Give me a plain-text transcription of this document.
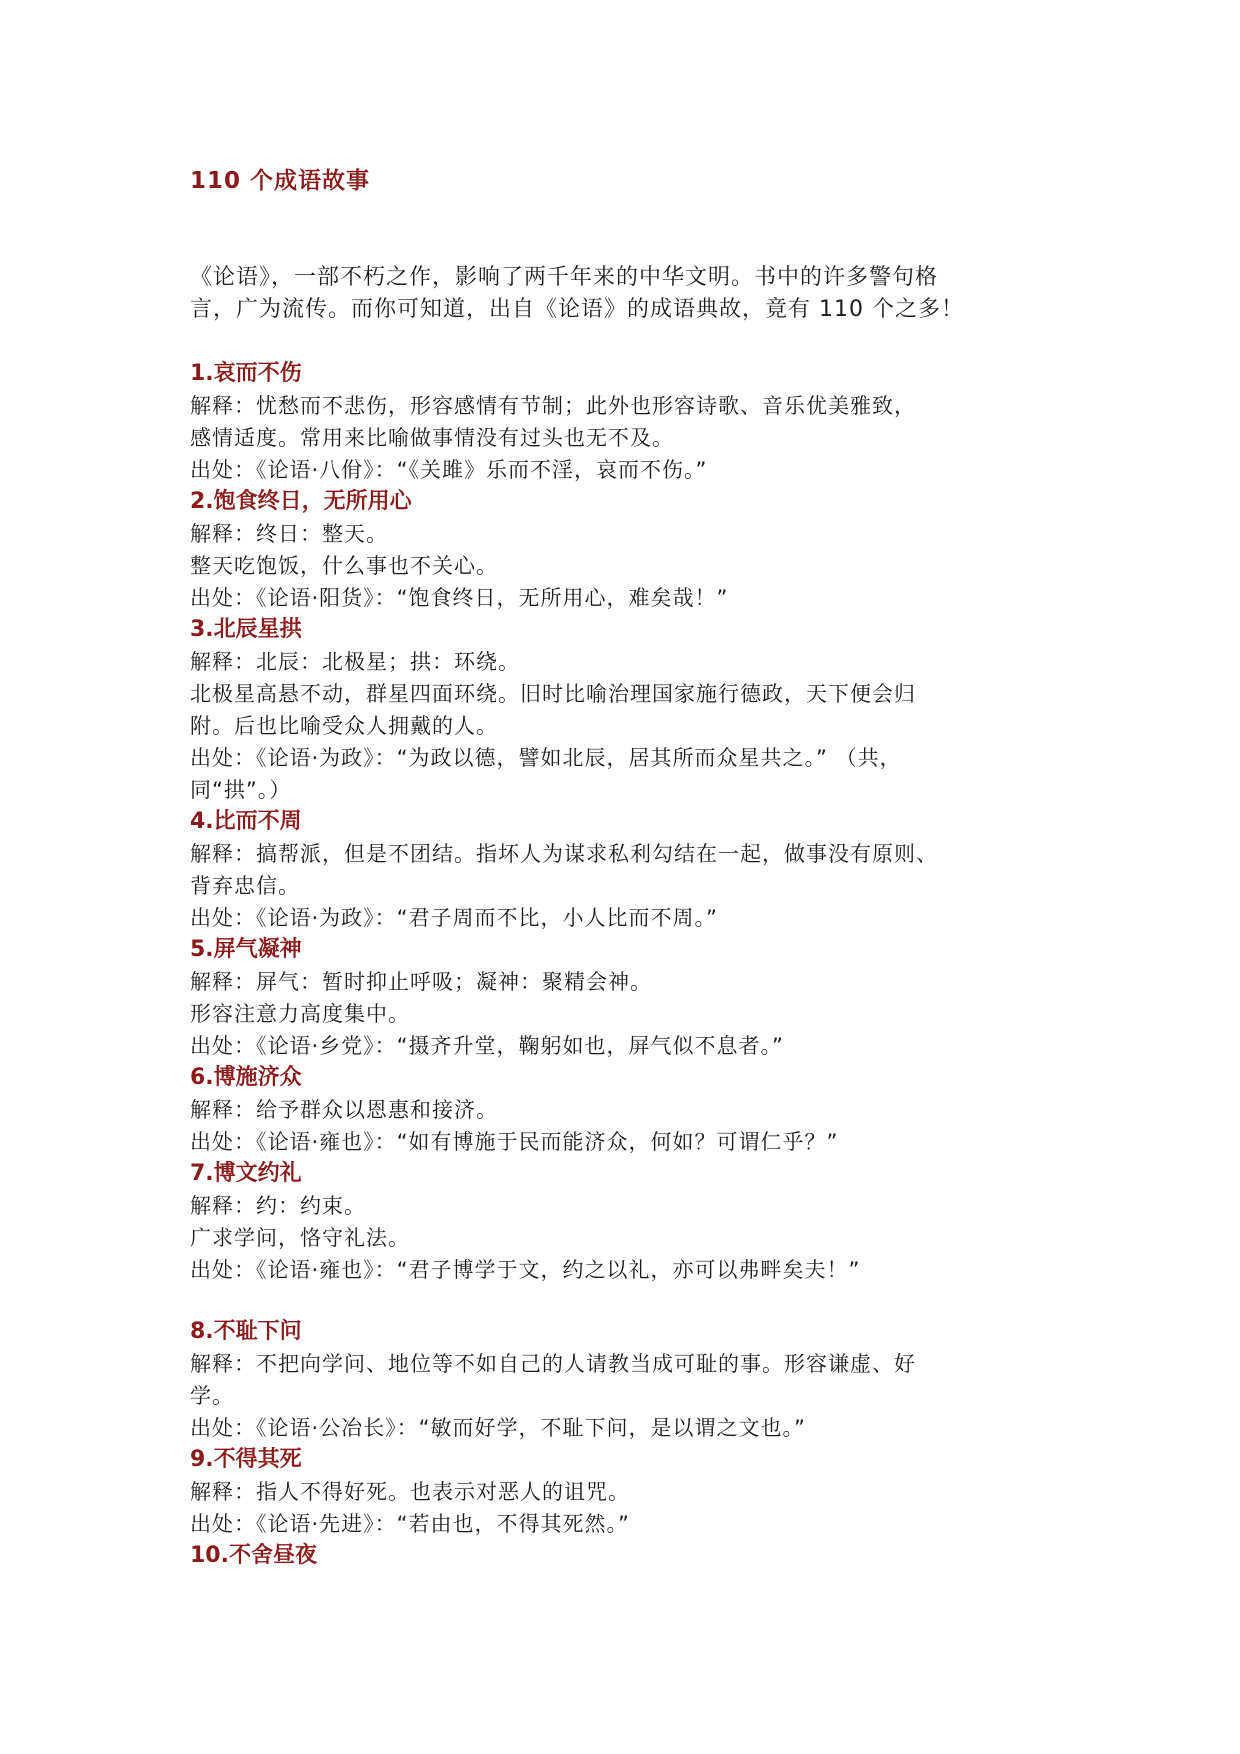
110 个成语故事

《论语》，一部不朽之作，影响了两千年来的中华文明。书中的许多警句格

言，广为流传。而你可知道，出自《论语》的成语典故，竟有 110 个之多！

1.哀而不伤
解释：忧愁而不悲伤，形容感情有节制；此外也形容诗歌、音乐优美雅致，
感情适度。常用来比喻做事情没有过头也无不及。
出处：《论语·八佾》：“《关雎》乐而不淫，哀而不伤。”
2.饱食终日，无所用心
解释：终日：整天。
整天吃饱饭，什么事也不关心。
出处：《论语·阳货》：“饱食终日，无所用心，难矣哉！”
3.北辰星拱
解释：北辰：北极星；拱：环绕。
北极星高悬不动，群星四面环绕。旧时比喻治理国家施行德政，天下便会归
附。后也比喻受众人拥戴的人。
出处：《论语·为政》：“为政以德，譬如北辰，居其所而众星共之。” （共，
同“拱”。）
4.比而不周
解释：搞帮派，但是不团结。指坏人为谋求私利勾结在一起，做事没有原则、
背弃忠信。
出处：《论语·为政》：“君子周而不比，小人比而不周。”
5.屏气凝神
解释：屏气：暂时抑止呼吸；凝神：聚精会神。
形容注意力高度集中。
出处：《论语·乡党》：“摄齐升堂，鞠躬如也，屏气似不息者。”
6.博施济众
解释：给予群众以恩惠和接济。
出处：《论语·雍也》：“如有博施于民而能济众，何如？可谓仁乎？”
7.博文约礼
解释：约：约束。
广求学问，恪守礼法。
出处：《论语·雍也》：“君子博学于文，约之以礼，亦可以弗畔矣夫！”
8.不耻下问
解释：不把向学问、地位等不如自己的人请教当成可耻的事。形容谦虚、好
学。
出处：《论语·公冶长》：“敏而好学，不耻下问，是以谓之文也。”
9.不得其死
解释：指人不得好死。也表示对恶人的诅咒。
出处：《论语·先进》：“若由也，不得其死然。”
10.不舍昼夜
